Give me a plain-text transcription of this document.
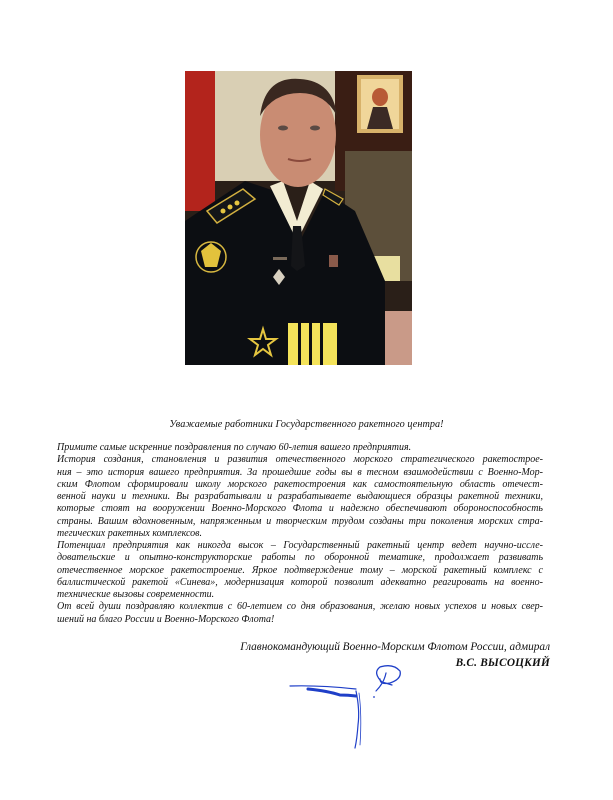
Уважаемые работники Государственного ракетного центра!
Примите самые искренние поздравления по случаю 60-летия вашего предприятия.
История создания, становления и развития отечественного морского стратегического ракетострое-
ния – это история вашего предприятия. За прошедшие годы вы в тесном взаимодействии с Военно-Мор-
ским Флотом сформировали школу морского ракетостроения как самостоятельную область отечест-
венной науки и техники. Вы разрабатывали и разрабатываете выдающиеся образцы ракетной техники,
которые стоят на вооружении Военно-Морского Флота и надежно обеспечивают обороноспособность
страны. Вашим вдохновенным, напряженным и творческим трудом созданы три поколения морских стра-
тегических ракетных комплексов.
Потенциал предприятия как никогда высок – Государственный ракетный центр ведет научно-иссле-
довательские и опытно-конструкторские работы по оборонной тематике, продолжает развивать
отечественное морское ракетостроение. Яркое подтверждение тому – морской ракетный комплекс с
баллистической ракетой «Синева», модернизация которой позволит адекватно реагировать на военно-
технические вызовы современности.
От всей души поздравляю коллектив с 60-летием со дня образования, желаю новых успехов и новых свер-
шений на благо России и Военно-Морского Флота!
Главнокомандующий Военно-Морским Флотом России, адмирал
В.С. ВЫСОЦКИЙ
